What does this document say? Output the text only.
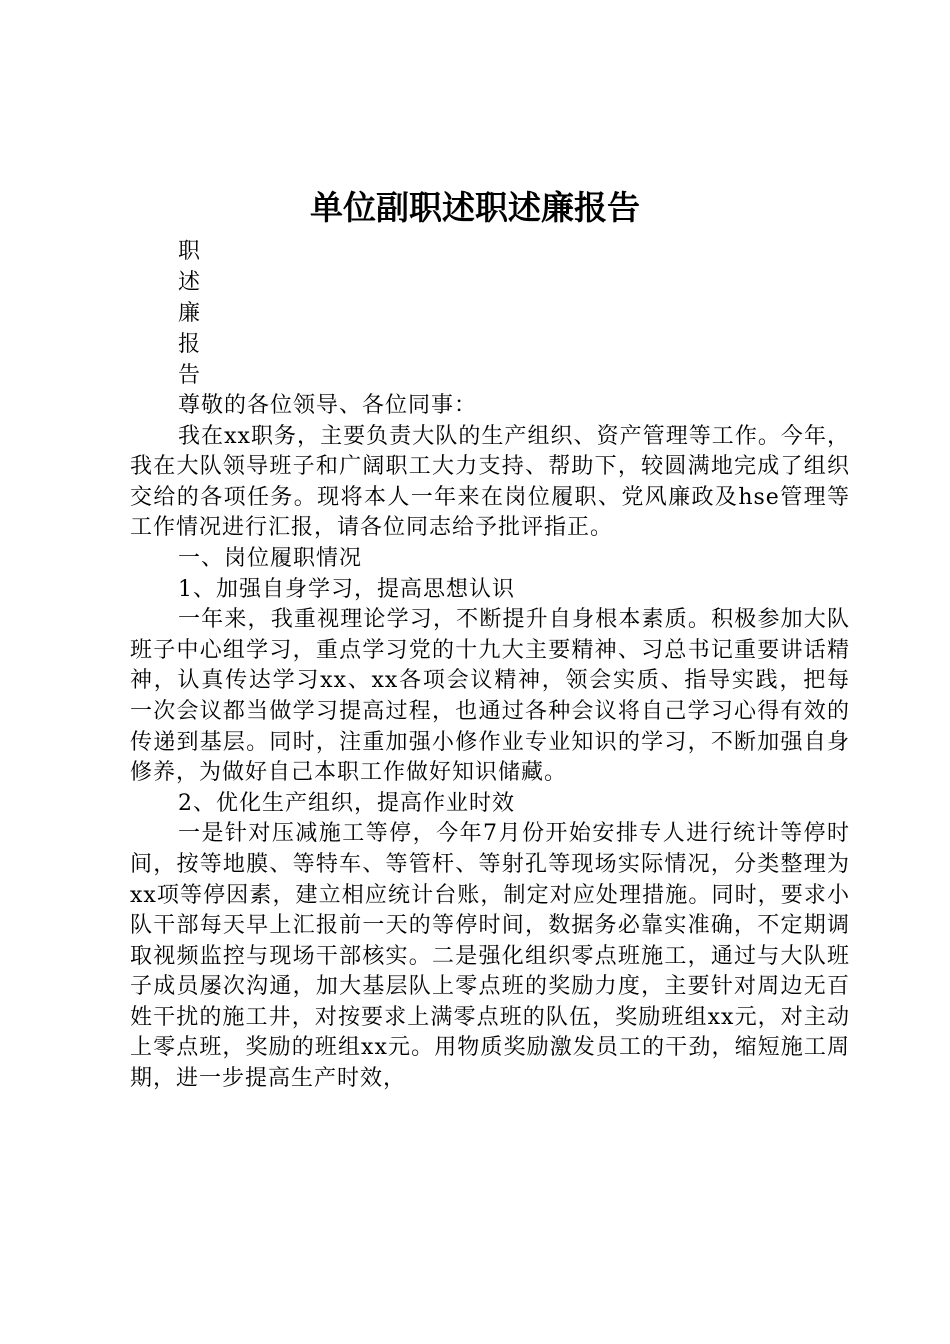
单位副职述职述廉报告
职
述
廉
报
告

尊敬的各位领导、各位同事：

我在xx职务，主要负责大队的生产组织、资产管理等工作。今年，我在大队领导班子和广阔职工大力支持、帮助下，较圆满地完成了组织交给的各项任务。现将本人一年来在岗位履职、党风廉政及hse管理等工作情况进行汇报，请各位同志给予批评指正。

一、岗位履职情况

1、加强自身学习，提高思想认识

一年来，我重视理论学习，不断提升自身根本素质。积极参加大队班子中心组学习，重点学习党的十九大主要精神、习总书记重要讲话精神，认真传达学习xx、xx各项会议精神，领会实质、指导实践，把每一次会议都当做学习提高过程，也通过各种会议将自己学习心得有效的传递到基层。同时，注重加强小修作业专业知识的学习，不断加强自身修养，为做好自己本职工作做好知识储藏。

2、优化生产组织，提高作业时效

一是针对压减施工等停，今年7月份开始安排专人进行统计等停时间，按等地膜、等特车、等管杆、等射孔等现场实际情况，分类整理为xx项等停因素，建立相应统计台账，制定对应处理措施。同时，要求小队干部每天早上汇报前一天的等停时间，数据务必靠实准确，不定期调取视频监控与现场干部核实。二是强化组织零点班施工，通过与大队班子成员屡次沟通，加大基层队上零点班的奖励力度，主要针对周边无百姓干扰的施工井，对按要求上满零点班的队伍，奖励班组xx元，对主动上零点班，奖励的班组xx元。用物质奖励激发员工的干劲，缩短施工周期，进一步提高生产时效，
